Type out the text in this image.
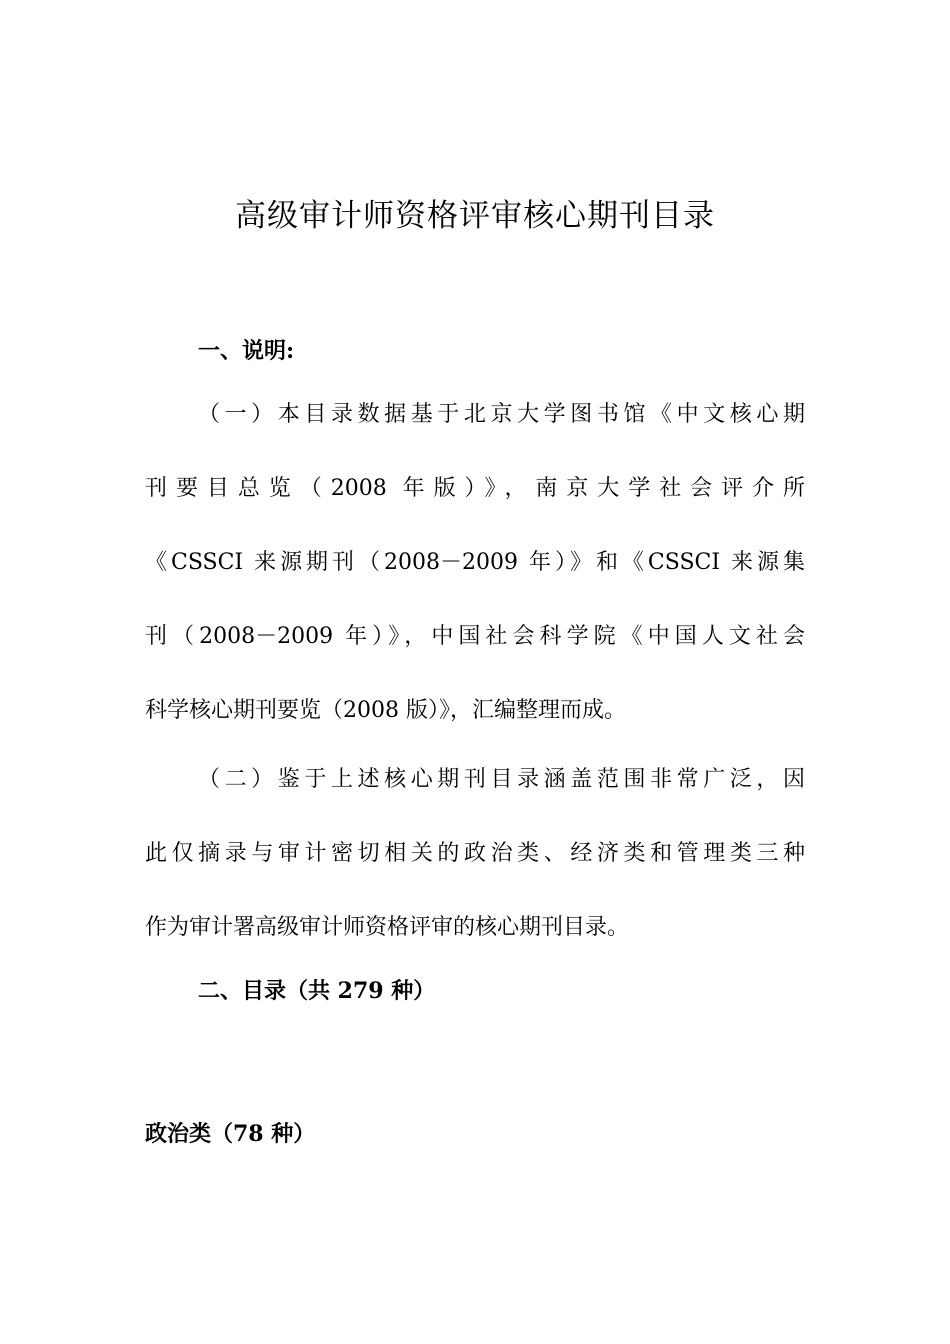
高级审计师资格评审核心期刊目录
一、说明:
（一）本目录数据基于北京大学图书馆《中文核心期
刊要目总览（2008 年版）》，南京大学社会评介所
《CSSCI 来源期刊（2008－2009 年）》和《CSSCI 来源集
刊（2008－2009 年）》，中国社会科学院《中国人文社会
科学核心期刊要览（2008 版）》，汇编整理而成。
（二）鉴于上述核心期刊目录涵盖范围非常广泛，因
此仅摘录与审计密切相关的政治类、经济类和管理类三种
作为审计署高级审计师资格评审的核心期刊目录。
二、目录（共 279 种）
政治类（78 种）
